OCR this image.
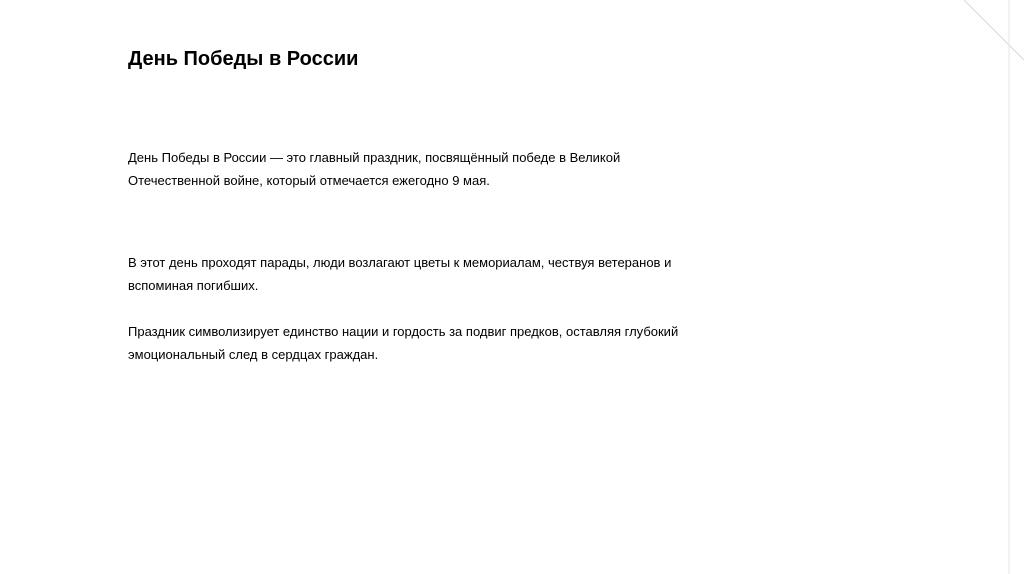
День Победы в России

День Победы в России — это главный праздник, посвящённый победе в Великой Отечественной войне, который отмечается ежегодно 9 мая.

В этот день проходят парады, люди возлагают цветы к мемориалам, чествуя ветеранов и вспоминая погибших.

Праздник символизирует единство нации и гордость за подвиг предков, оставляя глубокий эмоциональный след в сердцах граждан.
